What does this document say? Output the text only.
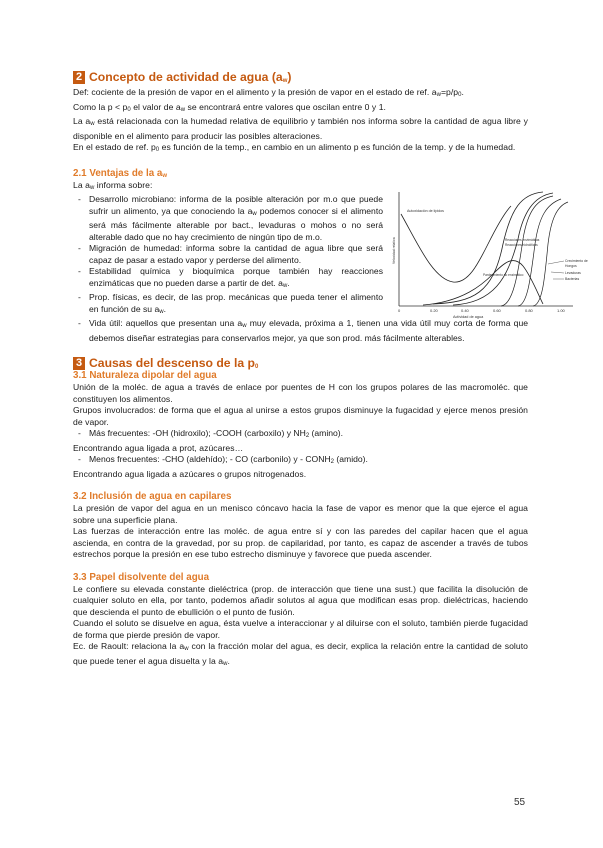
2 Concepto de actividad de agua (aw)

Def: cociente de la presión de vapor en el alimento y la presión de vapor en el estado de ref. aw=p/p0.

Como la p < p0 el valor de aw se encontrará entre valores que oscilan entre 0 y 1.

La aw está relacionada con la humedad relativa de equilibrio y también nos informa sobre la cantidad de agua libre y disponible en el alimento para producir las posibles alteraciones.

En el estado de ref. p0 es función de la temp., en cambio en un alimento p es función de la temp. y de la humedad.

2.1 Ventajas de la aw

La aw informa sobre:

- Desarrollo microbiano: informa de la posible alteración por m.o que puede sufrir un alimento, ya que conociendo la aw podemos conocer si el alimento será más fácilmente alterable por bact., levaduras o mohos o no será alterable dado que no hay crecimiento de ningún tipo de m.o.
- Migración de humedad: informa sobre la cantidad de agua libre que será capaz de pasar a estado vapor y perderse del alimento.
- Estabilidad química y bioquímica porque también hay reacciones enzimáticas que no pueden darse a partir de det. aw.
- Prop. físicas, es decir, de las prop. mecánicas que pueda tener el alimento en función de su aw.
- Vida útil: aquellos que presentan una aw muy elevada, próxima a 1, tienen una vida útil muy corta de forma que debemos diseñar estrategias para conservarlos mejor, ya que son prod. más fácilmente alterables.
3 Causas del descenso de la p0
3.1 Naturaleza dipolar del agua

Unión de la moléc. de agua a través de enlace por puentes de H con los grupos polares de las macromoléc. que constituyen los alimentos.

Grupos involucrados: de forma que el agua al unirse a estos grupos disminuye la fugacidad y ejerce menos presión de vapor.

- Más frecuentes: -OH (hidroxilo); -COOH (carboxilo) y NH2 (amino).

Encontrando agua ligada a prot, azúcares…

- Menos frecuentes: -CHO (aldehído); - CO (carbonilo) y - CONH2 (amido).

Encontrando agua ligada a azúcares o grupos nitrogenados.

3.2 Inclusión de agua en capilares

La presión de vapor del agua en un menisco cóncavo hacia la fase de vapor es menor que la que ejerce el agua sobre una superficie plana.

Las fuerzas de interacción entre las moléc. de agua entre sí y con las paredes del capilar hacen que el agua ascienda, en contra de la gravedad, por su prop. de capilaridad, por tanto, es capaz de ascender a través de tubos estrechos porque la presión en ese tubo estrecho disminuye y favorece que pueda ascender.

3.3 Papel disolvente del agua

Le confiere su elevada constante dieléctrica (prop. de interacción que tiene una sust.) que facilita la disolución de cualquier soluto en ella, por tanto, podemos añadir solutos al agua que modifican esas prop. dieléctricas, haciendo que descienda el punto de ebullición o el punto de fusión.

Cuando el soluto se disuelve en agua, ésta vuelve a interaccionar y al diluirse con el soluto, también pierde fugacidad de forma que pierde presión de vapor.

Ec. de Raoult: relaciona la aw con la fracción molar del agua, es decir, explica la relación entre la cantidad de soluto que puede tener el agua disuelta y la aw.

Velocidad relativa
Actividad de agua
0	0.20	0.40	0.60	0.80	1.00
Autoxidación de lípidos
Reacciones enzimáticas
Reacciones hidrolíticas
Pardeamiento no enzimático
Crecimiento de
Hongos
Levaduras
Bacterias
55
